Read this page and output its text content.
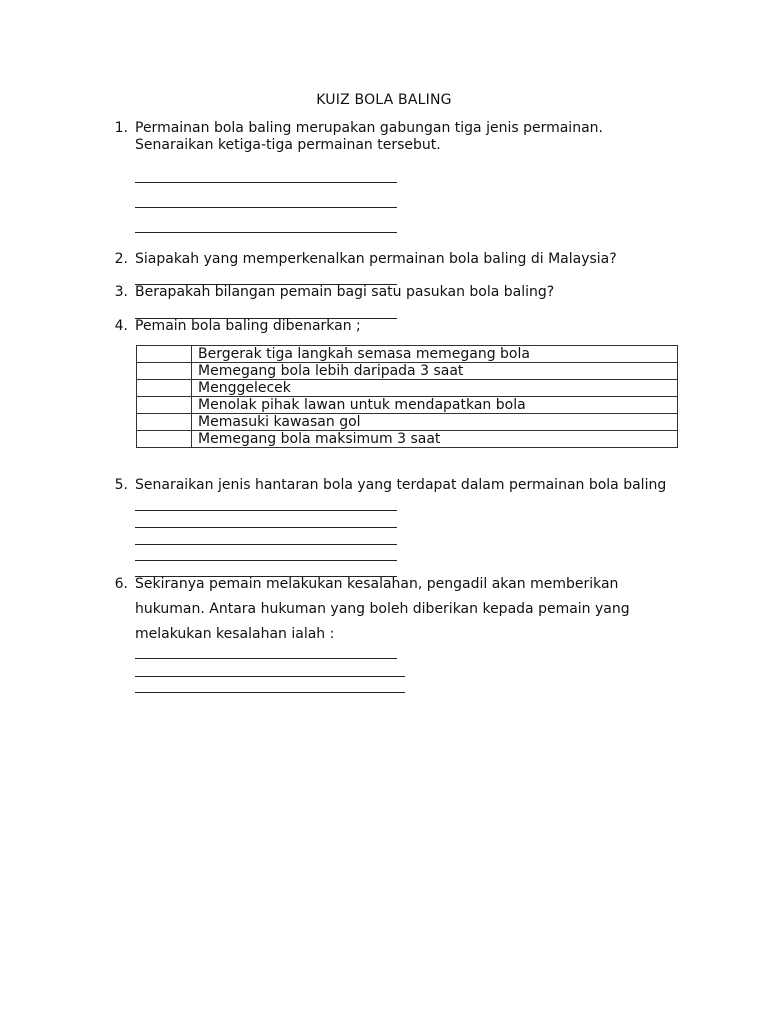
KUIZ BOLA BALING
1. Permainan bola baling merupakan gabungan tiga jenis permainan.
Senaraikan ketiga-tiga permainan tersebut.
2. Siapakah yang memperkenalkan permainan bola baling di Malaysia?
3. Berapakah bilangan pemain bagi satu pasukan bola baling?
4. Pemain bola baling dibenarkan ;
	Bergerak tiga langkah semasa memegang bola
	Memegang bola lebih daripada 3 saat
	Menggelecek
	Menolak pihak lawan untuk mendapatkan bola
	Memasuki kawasan gol
	Memegang bola maksimum 3 saat
5. Senaraikan jenis hantaran bola yang terdapat dalam permainan bola baling
6. Sekiranya pemain melakukan kesalahan, pengadil akan memberikan
hukuman. Antara hukuman yang boleh diberikan kepada pemain yang
melakukan kesalahan ialah :
